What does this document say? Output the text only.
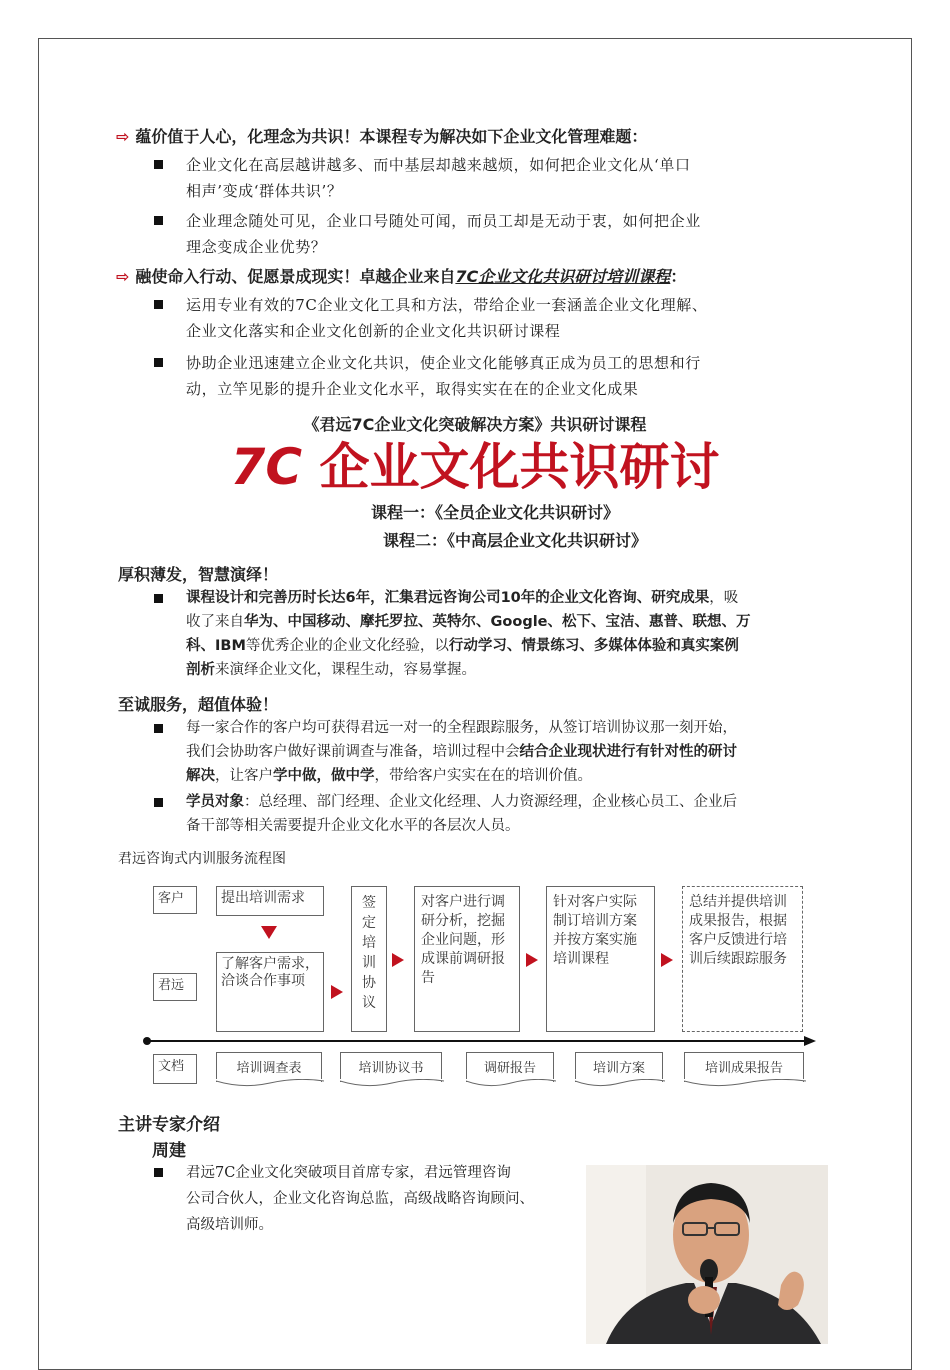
⇨ 蕴价值于人心，化理念为共识！本课程专为解决如下企业文化管理难题：
企业文化在高层越讲越多、而中基层却越来越烦，如何把企业文化从‘单口
相声’变成‘群体共识’？
企业理念随处可见，企业口号随处可闻，而员工却是无动于衷，如何把企业
理念变成企业优势？
⇨ 融使命入行动、促愿景成现实！卓越企业来自7C企业文化共识研讨培训课程：
运用专业有效的7C企业文化工具和方法，带给企业一套涵盖企业文化理解、
企业文化落实和企业文化创新的企业文化共识研讨课程
协助企业迅速建立企业文化共识，使企业文化能够真正成为员工的思想和行
动，立竿见影的提升企业文化水平，取得实实在在的企业文化成果
《君远7C企业文化突破解决方案》共识研讨课程
7C 企业文化共识研讨
课程一：《全员企业文化共识研讨》
课程二：《中高层企业文化共识研讨》
厚积薄发，智慧演绎！
课程设计和完善历时长达6年，汇集君远咨询公司10年的企业文化咨询、研究成果，吸
收了来自华为、中国移动、摩托罗拉、英特尔、Google、松下、宝洁、惠普、联想、万
科、IBM等优秀企业的企业文化经验，以行动学习、情景练习、多媒体体验和真实案例
剖析来演绎企业文化，课程生动，容易掌握。
至诚服务，超值体验！
每一家合作的客户均可获得君远一对一的全程跟踪服务，从签订培训协议那一刻开始，
我们会协助客户做好课前调查与准备，培训过程中会结合企业现状进行有针对性的研讨
解决，让客户学中做，做中学，带给客户实实在在的培训价值。
学员对象：总经理、部门经理、企业文化经理、人力资源经理，企业核心员工、企业后
备干部等相关需要提升企业文化水平的各层次人员。
君远咨询式内训服务流程图
客户
君远
提出培训需求
了解客户需求，洽谈合作事项
签定培训协议
对客户进行调研分析，挖掘企业问题，形成课前调研报告
针对客户实际制订培训方案并按方案实施培训课程
总结并提供培训成果报告，根据客户反馈进行培训后续跟踪服务
文档	培训调查表	培训协议书	调研报告	培训方案	培训成果报告
主讲专家介绍
周建
君远7C企业文化突破项目首席专家，君远管理咨询
公司合伙人，企业文化咨询总监，高级战略咨询顾问、
高级培训师。
